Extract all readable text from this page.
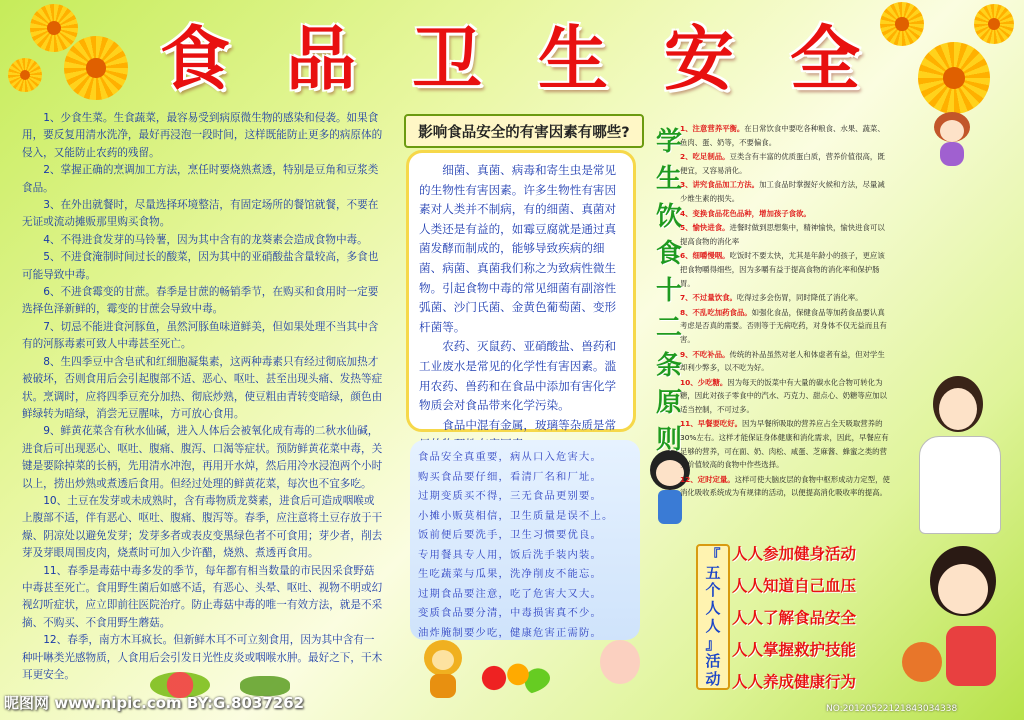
食 品 卫 生 安 全

1、少食生菜。生食蔬菜，最容易受到病原微生物的感染和侵袭。如果食用，要反复用清水洗净，最好再浸泡一段时间，这样既能防止更多的病原体的侵入，又能防止农药的残留。

2、掌握正确的烹调加工方法，烹任时要烧熟煮透，特别是豆角和豆浆类食品。

3、在外出就餐时，尽量选择环境整洁，有固定场所的餐馆就餐，不要在无证或流动摊贩那里购买食物。

4、不得进食发芽的马铃薯，因为其中含有的龙葵素会造成食物中毒。

5、不进食淹制时间过长的酸菜，因为其中的亚硝酸盐含量较高，多食也可能导致中毒。

6、不进食霉变的甘蔗。春季是甘蔗的畅销季节，在购买和食用时一定要选择色泽新鲜的，霉变的甘蔗会导致中毒。

7、切忌不能进食河豚鱼，虽然河豚鱼味道鲜美，但如果处理不当其中含有的河豚毒素可致人中毒甚至死亡。

8、生四季豆中含皂甙和红细胞凝集素，这两种毒素只有经过彻底加热才被破坏，否则食用后会引起腹部不适、恶心、呕吐、甚至出现头痛、发热等症状。烹调时，应将四季豆充分加热、彻底炒熟，使豆粗由青转变暗绿，颜色由鲜绿转为暗绿，消尝无豆腥味，方可放心食用。

9、鲜黄花菜含有秋水仙碱，进入人体后会被氧化成有毒的二秋水仙碱，进食后可出现恶心、呕吐、腹痛、腹泻、口渴等症状。预防鲜黄花菜中毒，关键是要除掉菜的长柄，先用清水冲泡，再用开水焯，然后用冷水浸泡两个小时以上，捞出炒熟或煮透后食用。但经过处理的鲜黄花菜，每次也不宜多吃。

10、土豆在发芽或未成熟时，含有毒物质龙葵素，进食后可造成咽喉或上腹部不适，伴有恶心、呕吐、腹痛、腹泻等。春季，应注意将土豆存放于干燥、阴凉处以避免发芽；发芽多者或表皮变黑绿色者不可食用；芽少者，削去芽及芽眼周围皮肉，烧煮时可加入少许醋，烧熟、煮透再食用。

11、春季是毒菇中毒多发的季节，每年都有相当数量的市民因采食野菇中毒甚至死亡。食用野生菌后如感不适，有恶心、头晕、呕吐、视物不明或幻视幻听症状，应立即前往医院治疗。防止毒菇中毒的唯一有效方法，就是不采摘、不购买、不食用野生蘑菇。

12、春季，南方木耳疯长。但新鲜木耳不可立刻食用，因为其中含有一种叶啉类光感物质，人食用后会引发日光性皮炎或咽喉水肿。最好之下，干木耳更安全。

影响食品安全的有害因素有哪些?

细菌、真菌、病毒和寄生虫是常见的生物性有害因素。许多生物性有害因素对人类并不制病，有的细菌、真菌对人类还是有益的，如霉豆腐就是通过真菌发酵而制成的，能够导致疾病的细菌、病菌、真菌我们称之为致病性微生物。引起食物中毒的常见细菌有副溶性弧菌、沙门氏菌、金黄色葡萄菌、变形杆菌等。

农药、灭鼠药、亚硝酸盐、兽药和工业废水是常见的化学性有害因素。滥用农药、兽药和在食品中添加有害化学物质会对食品带来化学污染。

食品中混有金属，玻璃等杂质是常

食品安全真重要，病从口入危害大。
购买食品要仔细，看清厂名和厂址。
过期变质买不得，三无食品更别要。
小摊小贩莫相信，卫生质量是误不上。
饭前便后要洗手，卫生习惯要优良。
专用餐具专人用，饭后洗手装内装。
生吃蔬菜与瓜果，洗净削皮不能忘。
过期食品要注意，吃了危害大又大。
变质食品要分清，中毒损害真不少。
油炸腌制要少吃，健康危害正需防。
学
生
饮
食
十
二
条
原
则
1、注意营养平衡。在日常饮食中要吃各种粮食、水果、蔬菜、鱼肉、蛋、奶等，不要偏食。
2、吃足制品。豆类含有丰富的优质蛋白质，营养价值很高，既便宜，又容易消化。
3、讲究食品加工方法。加工食品时掌握好火候和方法，尽量减少维生素的损失。
4、变换食品花色品种，增加孩子食欲。
5、愉快进食。进餐时做到思想集中，精神愉快，愉快进食可以提高食物的消化率
6、细嚼慢咽。吃饭时不要太快，尤其是年龄小的孩子，更应该把食物嚼得细些，因为多嚼有益于提高食物的消化率和保护肠胃。
7、不过量饮食。吃得过多会伤胃，同时降低了消化率。
8、不乱吃加药食品。如强化食品，保健食品等加药食品要认真考虑是否真的需要。否则等于无病吃药，对身体不仅无益而且有害。
9、不吃补品。传统的补品虽然对老人和体虚者有益，但对学生却利少弊多，以不吃为好。
10、少吃糖。因为每天的饭菜中有大量的碳水化合物可转化为糖，因此对孩子零食中的汽水、巧克力、甜点心、奶糖等应加以适当控制，不可过多。
11、早餐要吃好。因为早餐所吸取的营养应占全天吸取营养的30%左右。这样才能保证身体健康和消化需求，因此，早餐应有足够的营养，可在面、奶、肉松、咸蛋、芝麻酱、蜂蜜之类的营养价值较高的食物中作些选择。
12、定时定量。这样可使大脑皮层的食物中枢形成动力定型，使消化吸收系统成为有规律的活动，以便提高消化吸收率的提高。
『
五
个
人
人
』
活
动
人人参加健身活动
人人知道自己血压
人人了解食品安全
人人掌握救护技能
人人养成健康行为
昵图网 www.nipic.com BY:G.8037262	NO:20120522121843034338
